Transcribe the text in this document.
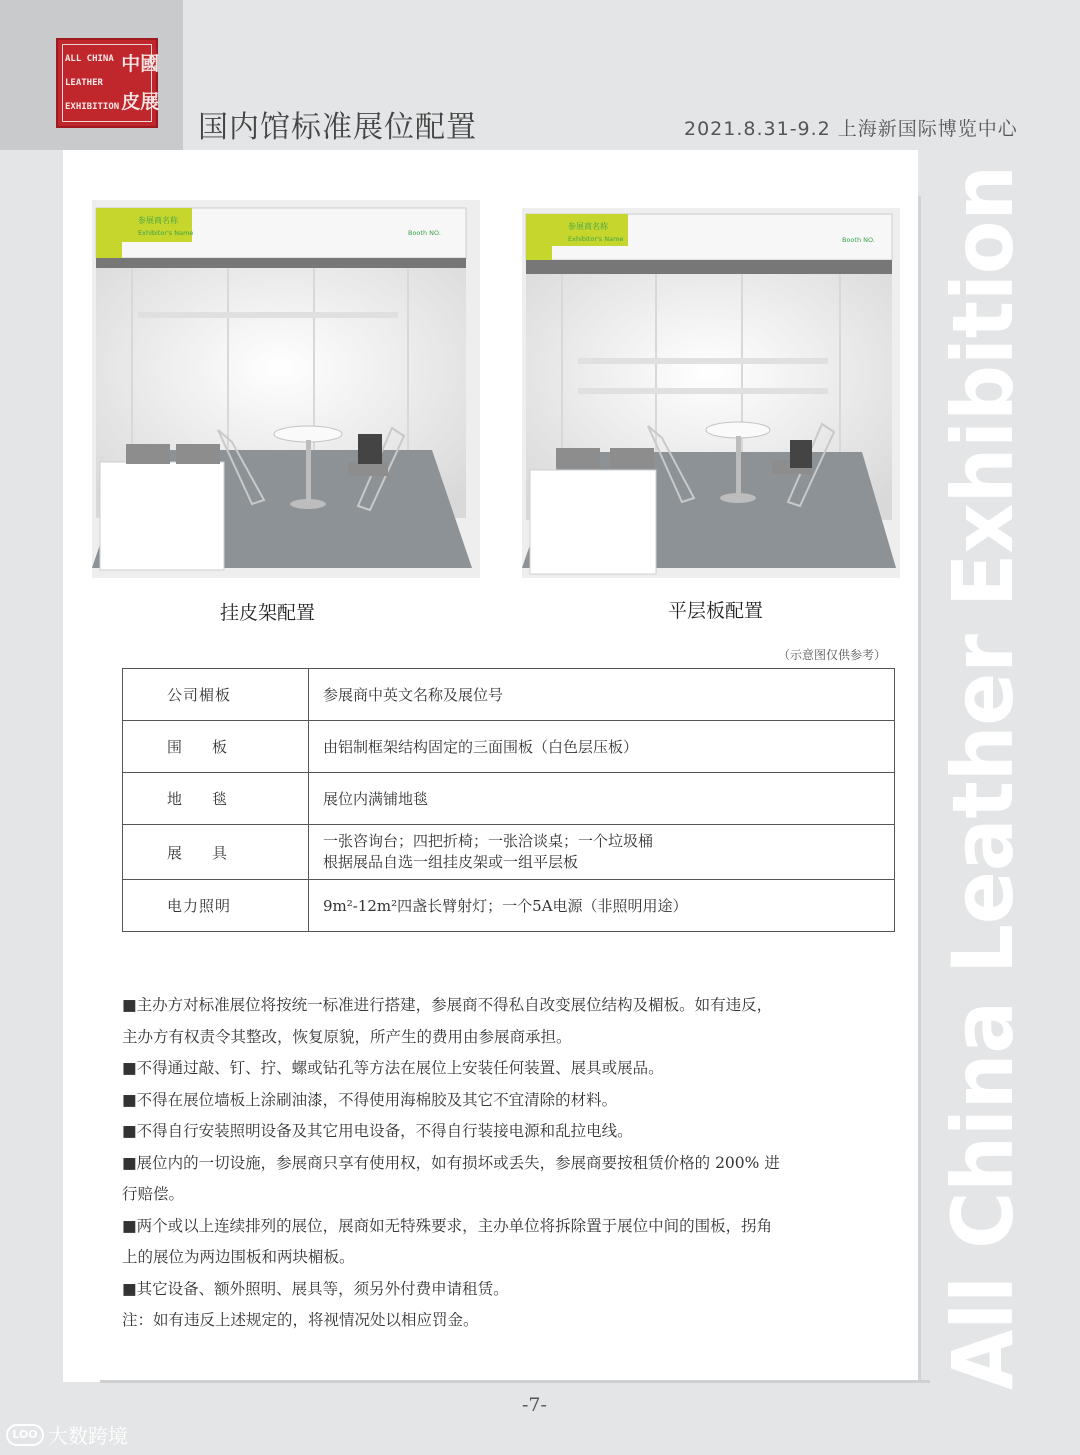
ALL CHINA
LEATHER
EXHIBITION
中 國
皮 展
国内馆标准展位配置	2021.8.31-9.2 上海新国际博览中心
All China Leather Exhibition
参展商名称
Exhibitor's Name	Booth NO.
挂皮架配置
参展商名称
Exhibitor's Name	Booth NO.
平层板配置
（示意图仅供参考）
公司楣板	参展商中英文名称及展位号
围　　板	由铝制框架结构固定的三面围板（白色层压板）
地　　毯	展位内满铺地毯
展　　具	一张咨询台；四把折椅；一张洽谈桌；一个垃圾桶
根据展品自选一组挂皮架或一组平层板

电力照明	9m²-12m²四盏长臂射灯；一个5A电源（非照明用途）

■主办方对标准展位将按统一标准进行搭建，参展商不得私自改变展位结构及楣板。如有违反，

主办方有权责令其整改，恢复原貌，所产生的费用由参展商承担。

■不得通过敲、钉、拧、螺或钻孔等方法在展位上安装任何装置、展具或展品。

■不得在展位墙板上涂刷油漆，不得使用海棉胶及其它不宜清除的材料。

■不得自行安装照明设备及其它用电设备，不得自行装接电源和乱拉电线。

■展位内的一切设施，参展商只享有使用权，如有损坏或丢失，参展商要按租赁价格的 200% 进

行赔偿。

■两个或以上连续排列的展位，展商如无特殊要求，主办单位将拆除置于展位中间的围板，拐角

上的展位为两边围板和两块楣板。

■其它设备、额外照明、展具等，须另外付费申请租赁。

注：如有违反上述规定的，将视情况处以相应罚金。

-7-
LOO 大数跨境
